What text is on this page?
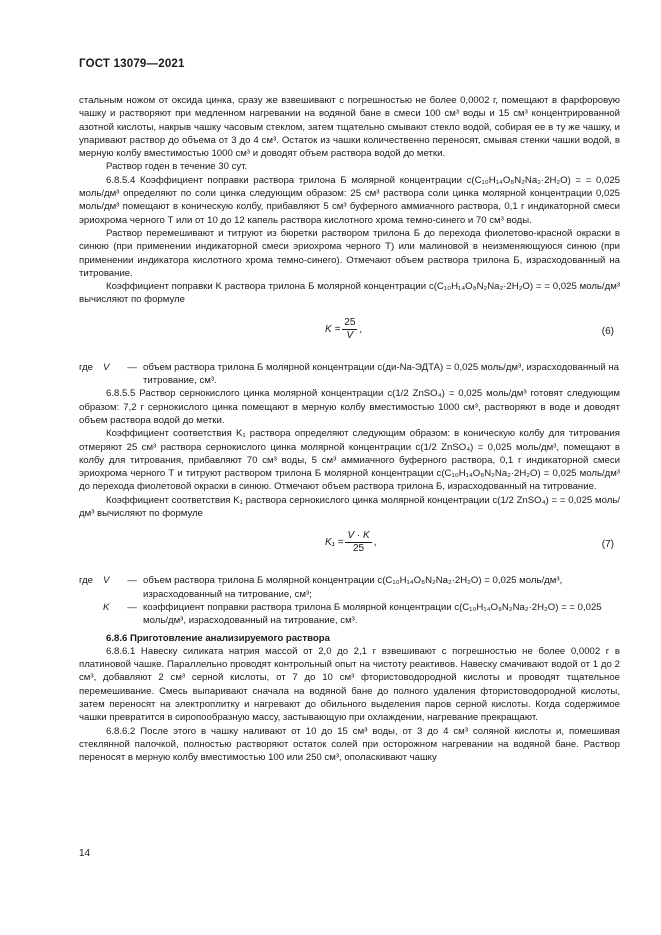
ГОСТ 13079—2021

стальным ножом от оксида цинка, сразу же взвешивают с погрешностью не более 0,0002 г, помещают в фарфоровую чашку и растворяют при медленном нагревании на водяной бане в смеси 100 см³ воды и 15 см³ концентрированной азотной кислоты, накрыв чашку часовым стеклом, затем тщательно смывают стекло водой, собирая ее в ту же чашку, и упаривают раствор до объема от 3 до 4 см³. Остаток из чашки количественно переносят, смывая стенки чашки водой, в мерную колбу вместимостью 1000 см³ и доводят объем раствора водой до метки.

Раствор годен в течение 30 сут.

6.8.5.4 Коэффициент поправки раствора трилона Б молярной концентрации c(C₁₀H₁₄O₈N₂Na₂·2H₂O) = = 0,025 моль/дм³ определяют по соли цинка следующим образом: 25 см³ раствора соли цинка молярной концентрации 0,025 моль/дм³ помещают в коническую колбу, прибавляют 5 см³ буферного аммиачного раствора, 0,1 г индикаторной смеси эриохрома черного Т или от 10 до 12 капель раствора кислотного хрома темно-синего и 70 см³ воды.

Раствор перемешивают и титруют из бюретки раствором трилона Б до перехода фиолетово-красной окраски в синюю (при применении индикаторной смеси эриохрома черного Т) или малиновой в неизменяющуюся синюю (при применении индикатора кислотного хрома темно-синего). Отмечают объем раствора трилона Б, израсходованный на титрование.

Коэффициент поправки K раствора трилона Б молярной концентрации c(C₁₀H₁₄O₈N₂Na₂·2H₂O) = = 0,025 моль/дм³ вычисляют по формуле

$K = \frac{25}{V}$ ,	(6)
где	V	— объем раствора трилона Б молярной концентрации c(ди-Na-ЭДТА) = 0,025 моль/дм³, израсходованный на титрование, см³.

6.8.5.5 Раствор сернокислого цинка молярной концентрации c(1/2 ZnSO₄) = 0,025 моль/дм³ готовят следующим образом: 7,2 г сернокислого цинка помещают в мерную колбу вместимостью 1000 см³, растворяют в воде и доводят объем раствора водой до метки.

Коэффициент соответствия K₁ раствора определяют следующим образом: в коническую колбу для титрования отмеряют 25 см³ раствора сернокислого цинка молярной концентрации c(1/2 ZnSO₄) = 0,025 моль/дм³, помещают в колбу для титрования, прибавляют 70 см³ воды, 5 см³ аммиачного буферного раствора, 0,1 г индикаторной смеси эриохрома черного Т и титруют раствором трилона Б молярной концентрации c(C₁₀H₁₄O₈N₂Na₂·2H₂O) = 0,025 моль/дм³ до перехода фиолетовой окраски в синюю. Отмечают объем раствора трилона Б, израсходованный на титрование.

Коэффициент соответствия K₁ раствора сернокислого цинка молярной концентрации c(1/2 ZnSO₄) = = 0,025 моль/дм³ вычисляют по формуле

$K_1 = \frac{V \cdot K}{25}$ ,	(7)
где	V	— объем раствора трилона Б молярной концентрации c(C₁₀H₁₄O₈N₂Na₂·2H₂O) = 0,025 моль/дм³, израсходованный на титрование, см³;
K	— коэффициент поправки раствора трилона Б молярной концентрации c(C₁₀H₁₄O₈N₂Na₂·2H₂O) = = 0,025 моль/дм³, израсходованный на титрование, см³.

6.8.6 Приготовление анализируемого раствора

6.8.6.1 Навеску силиката натрия массой от 2,0 до 2,1 г взвешивают с погрешностью не более 0,0002 г в платиновой чашке. Параллельно проводят контрольный опыт на чистоту реактивов. Навеску смачивают водой от 1 до 2 см³, добавляют 2 см³ серной кислоты, от 7 до 10 см³ фтористоводородной кислоты и проводят тщательное перемешивание. Смесь выпаривают сначала на водяной бане до полного удаления фтористоводородной кислоты, затем переносят на электроплитку и нагревают до обильного выделения паров серной кислоты. Когда содержимое чашки превратится в сиропообразную массу, застывающую при охлаждении, нагревание прекращают.

6.8.6.2 После этого в чашку наливают от 10 до 15 см³ воды, от 3 до 4 см³ соляной кислоты и, помешивая стеклянной палочкой, полностью растворяют остаток солей при осторожном нагревании на водяной бане. Раствор переносят в мерную колбу вместимостью 100 или 250 см³, ополаскивают чашку

14
